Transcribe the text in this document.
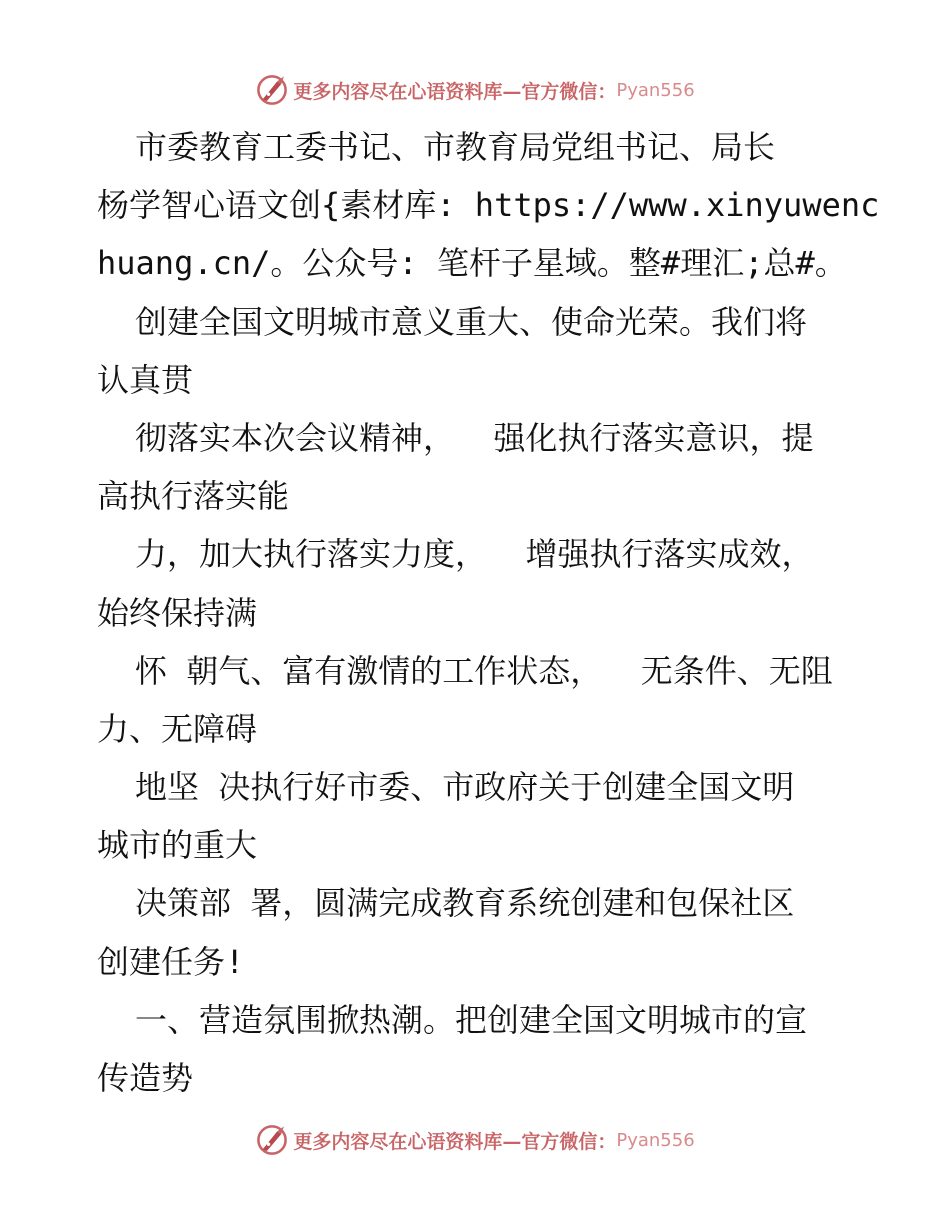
更多内容尽在心语资料库—官方微信： Pyan556
市委教育工委书记、市教育局党组书记、局长
杨学智心语文创{素材库: https://www.xinyuwenc
huang.cn/。公众号: 笔杆子星域。整#理汇;总#。
创建全国文明城市意义重大、使命光荣。我们将
认真贯
彻落实本次会议精神，  强化执行落实意识，提
高执行落实能
力，加大执行落实力度，  增强执行落实成效，
始终保持满
怀 朝气、富有激情的工作状态，  无条件、无阻
力、无障碍
地坚 决执行好市委、市政府关于创建全国文明
城市的重大
决策部 署，圆满完成教育系统创建和包保社区
创建任务!
一、营造氛围掀热潮。把创建全国文明城市的宣
传造势
更多内容尽在心语资料库—官方微信： Pyan556
